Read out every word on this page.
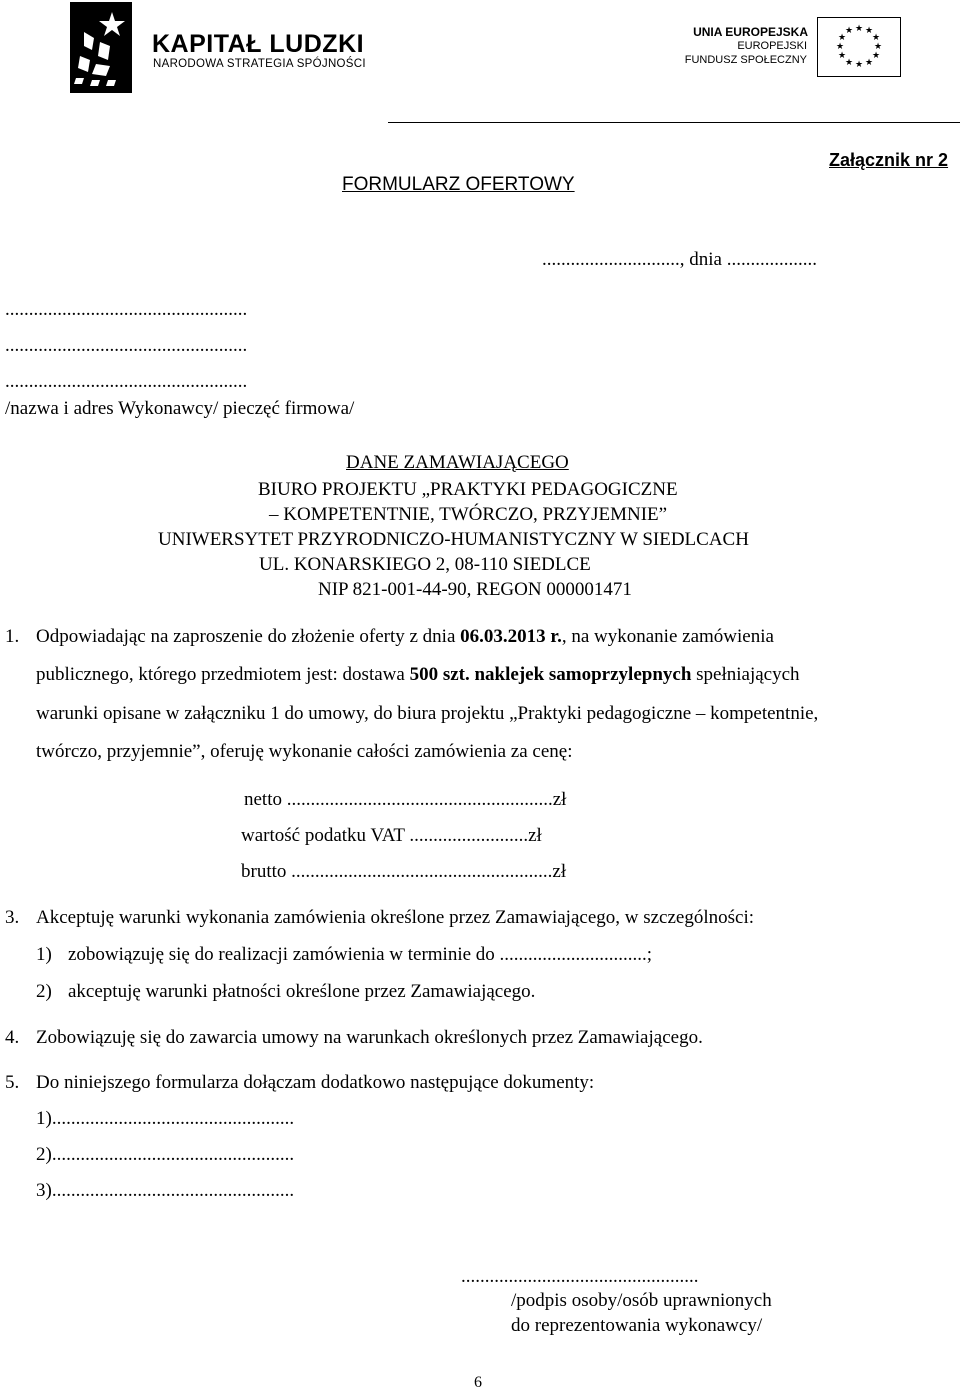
KAPITAŁ LUDZKI
NARODOWA STRATEGIA SPÓJNOŚCI
UNIA EUROPEJSKA
EUROPEJSKI
FUNDUSZ SPOŁECZNY
★ ★
★
★
★
★
★
★
★
★
★
★
Załącznik nr 2
FORMULARZ OFERTOWY
............................., dnia ...................
...................................................
...................................................
...................................................
/nazwa i adres Wykonawcy/ pieczęć firmowa/
DANE ZAMAWIAJĄCEGO
BIURO PROJEKTU „PRAKTYKI PEDAGOGICZNE
– KOMPETENTNIE, TWÓRCZO, PRZYJEMNIE”
UNIWERSYTET PRZYRODNICZO-HUMANISTYCZNY W SIEDLCACH
UL. KONARSKIEGO 2, 08-110 SIEDLCE
NIP 821-001-44-90, REGON 000001471
1. Odpowiadając na zaproszenie do złożenie oferty z dnia 06.03.2013 r., na wykonanie zamówienia
publicznego, którego przedmiotem jest: dostawa 500 szt. naklejek samoprzylepnych spełniających
warunki opisane w załączniku 1 do umowy, do biura projektu „Praktyki pedagogiczne – kompetentnie,
twórczo, przyjemnie”, oferuję wykonanie całości zamówienia za cenę:
netto ........................................................zł
wartość podatku VAT .........................zł
brutto .......................................................zł
3. Akceptuję warunki wykonania zamówienia określone przez Zamawiającego, w szczególności:
1) zobowiązuję się do realizacji zamówienia w terminie do ...............................;
2) akceptuję warunki płatności określone przez Zamawiającego.
4. Zobowiązuję się do zawarcia umowy na warunkach określonych przez Zamawiającego.
5. Do niniejszego formularza dołączam dodatkowo następujące dokumenty:
1)...................................................
2)...................................................
3)...................................................
..................................................
/podpis osoby/osób uprawnionych
do reprezentowania wykonawcy/
6
